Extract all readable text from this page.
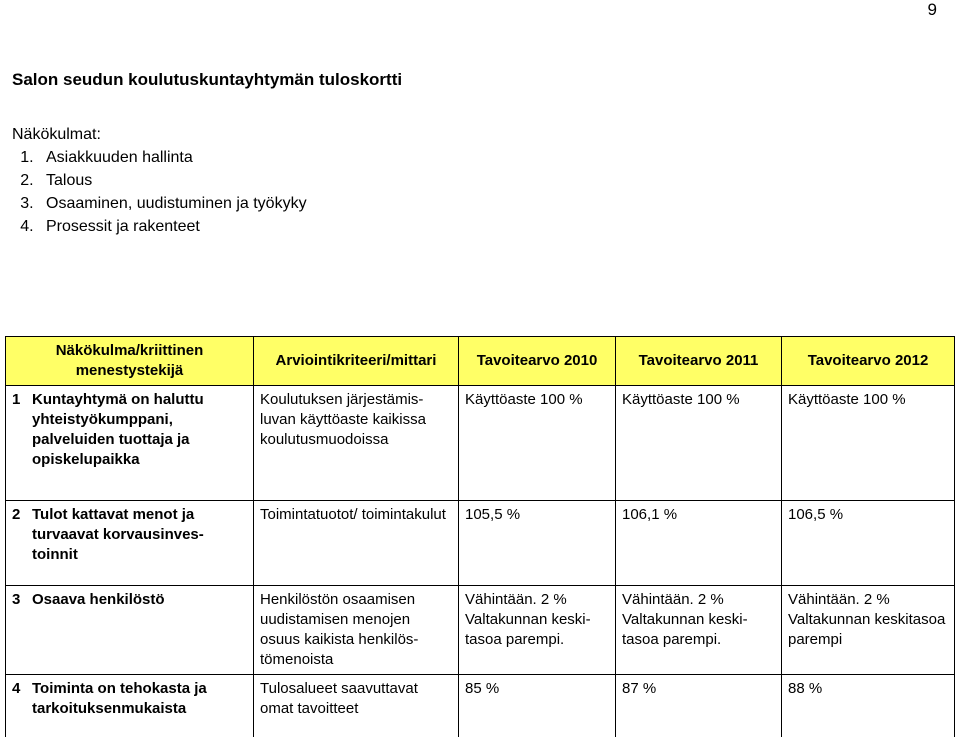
9
Salon seudun koulutuskuntayhtymän tuloskortti
Näkökulmat:
1. Asiakkuuden hallinta
2. Talous
3. Osaaminen, uudistuminen ja työkyky
4. Prosessit ja rakenteet
Näkökulma/kriittinen menestystekijä	Arviointikriteeri/mittari	Tavoitearvo 2010	Tavoitearvo 2011	Tavoitearvo 2012
1 Kuntayhtymä on haluttu yhteistyökumppani, palveluiden tuottaja ja opiskelupaikka	Koulutuksen järjestämisluvan käyttöaste kaikissa koulutusmuodoissa	Käyttöaste 100 %	Käyttöaste 100 %	Käyttöaste 100 %
2 Tulot kattavat menot ja turvaavat korvausinvestoinnit	Toimintatuotot/ toimintakulut	105,5 %	106,1 %	106,5 %
3 Osaava henkilöstö	Henkilöstön osaamisen uudistamisen menojen osuus kaikista henkilöstömenoista	Vähintään. 2 % Valtakunnan keskitasoa parempi.	Vähintään. 2 % Valtakunnan keskitasoa parempi.	Vähintään. 2 % Valtakunnan keskitasoa parempi
4 Toiminta on tehokasta ja tarkoituksenmukaista	Tulosalueet saavuttavat omat tavoitteet	85 %	87 %	88 %
